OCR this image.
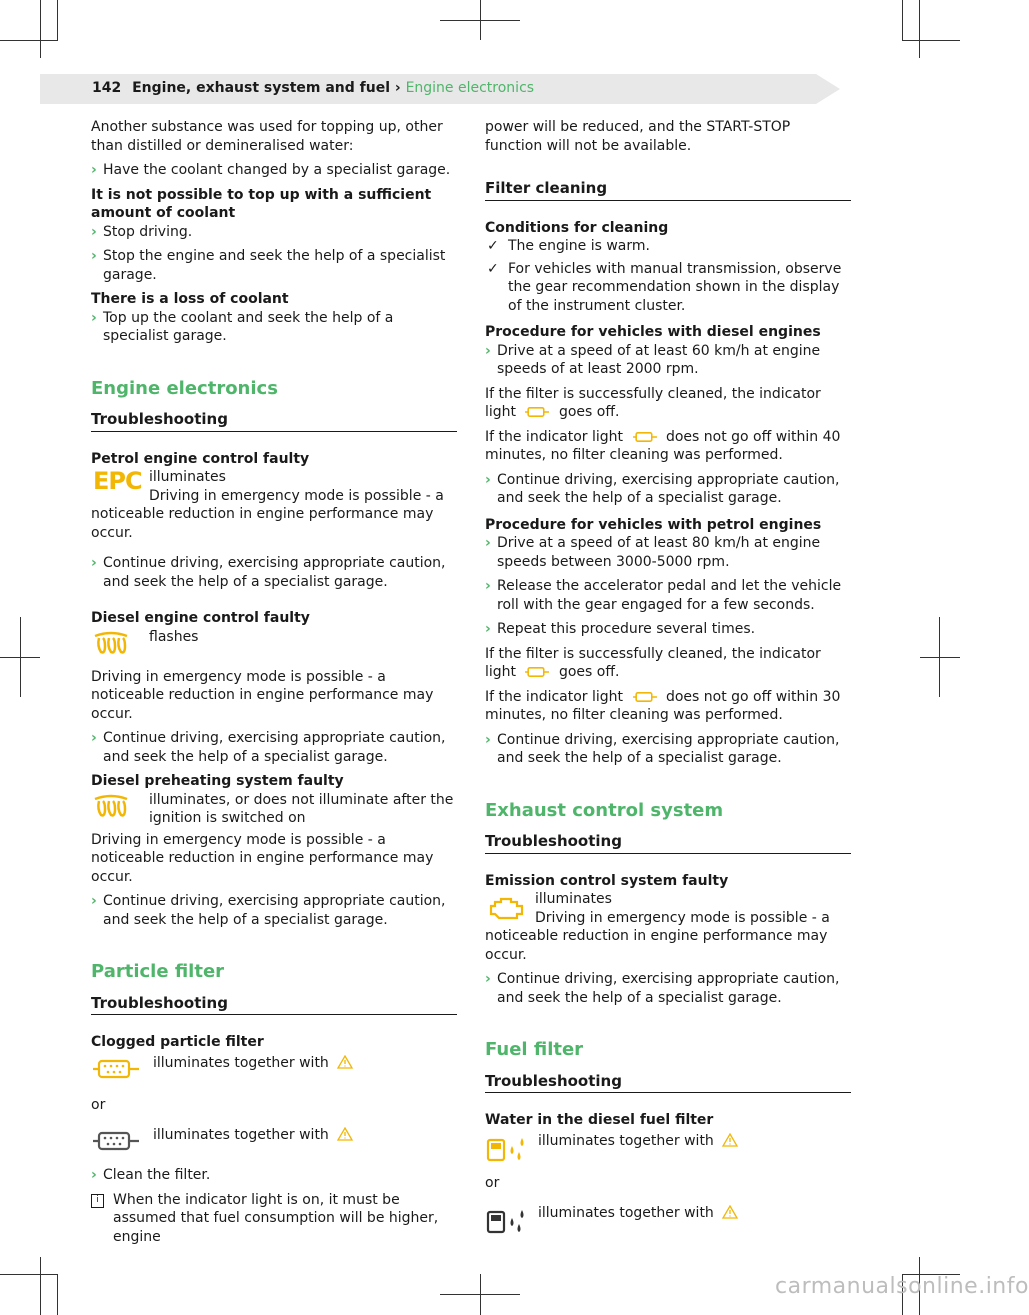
142 Engine, exhaust system and fuel › Engine electronics

Another substance was used for topping up, other than distilled or demineralised water:

› Have the coolant changed by a specialist garage.

It is not possible to top up with a sufficient amount of coolant

› Stop driving.
› Stop the engine and seek the help of a specialist garage.

There is a loss of coolant

› Top up the coolant and seek the help of a specialist garage.
Engine electronics
Troubleshooting

Petrol engine control faulty

EPC illuminates
Driving in emergency mode is possible - a noticeable reduction in engine performance may occur.
› Continue driving, exercising appropriate caution, and seek the help of a specialist garage.

Diesel engine control faulty

flashes

Driving in emergency mode is possible - a noticeable reduction in engine performance may occur.

› Continue driving, exercising appropriate caution, and seek the help of a specialist garage.

Diesel preheating system faulty

illuminates, or does not illuminate after the ignition is switched on

Driving in emergency mode is possible - a noticeable reduction in engine performance may occur.

› Continue driving, exercising appropriate caution, and seek the help of a specialist garage.
Particle filter
Troubleshooting

Clogged particle filter

illuminates together with

or

illuminates together with
› Clean the filter.
i	When the indicator light is on, it must be assumed that fuel consumption will be higher, engine

power will be reduced, and the START-STOP function will not be available.

Filter cleaning

Conditions for cleaning

✓ The engine is warm.
✓ For vehicles with manual transmission, observe the gear recommendation shown in the display of the instrument cluster.

Procedure for vehicles with diesel engines

› Drive at a speed of at least 60 km/h at engine speeds of at least 2000 rpm.

If the filter is successfully cleaned, the indicator light	goes off.

If the indicator light	does not go off within 40 minutes, no filter cleaning was performed.

› Continue driving, exercising appropriate caution, and seek the help of a specialist garage.

Procedure for vehicles with petrol engines

› Drive at a speed of at least 80 km/h at engine speeds between 3000-5000 rpm.
› Release the accelerator pedal and let the vehicle roll with the gear engaged for a few seconds.
› Repeat this procedure several times.

If the filter is successfully cleaned, the indicator light	goes off.

If the indicator light	does not go off within 30 minutes, no filter cleaning was performed.

› Continue driving, exercising appropriate caution, and seek the help of a specialist garage.
Exhaust control system
Troubleshooting

Emission control system faulty

illuminates
Driving in emergency mode is possible - a noticeable reduction in engine performance may occur.
› Continue driving, exercising appropriate caution, and seek the help of a specialist garage.
Fuel filter
Troubleshooting

Water in the diesel fuel filter

illuminates together with

or

illuminates together with
carmanualsonline.info
